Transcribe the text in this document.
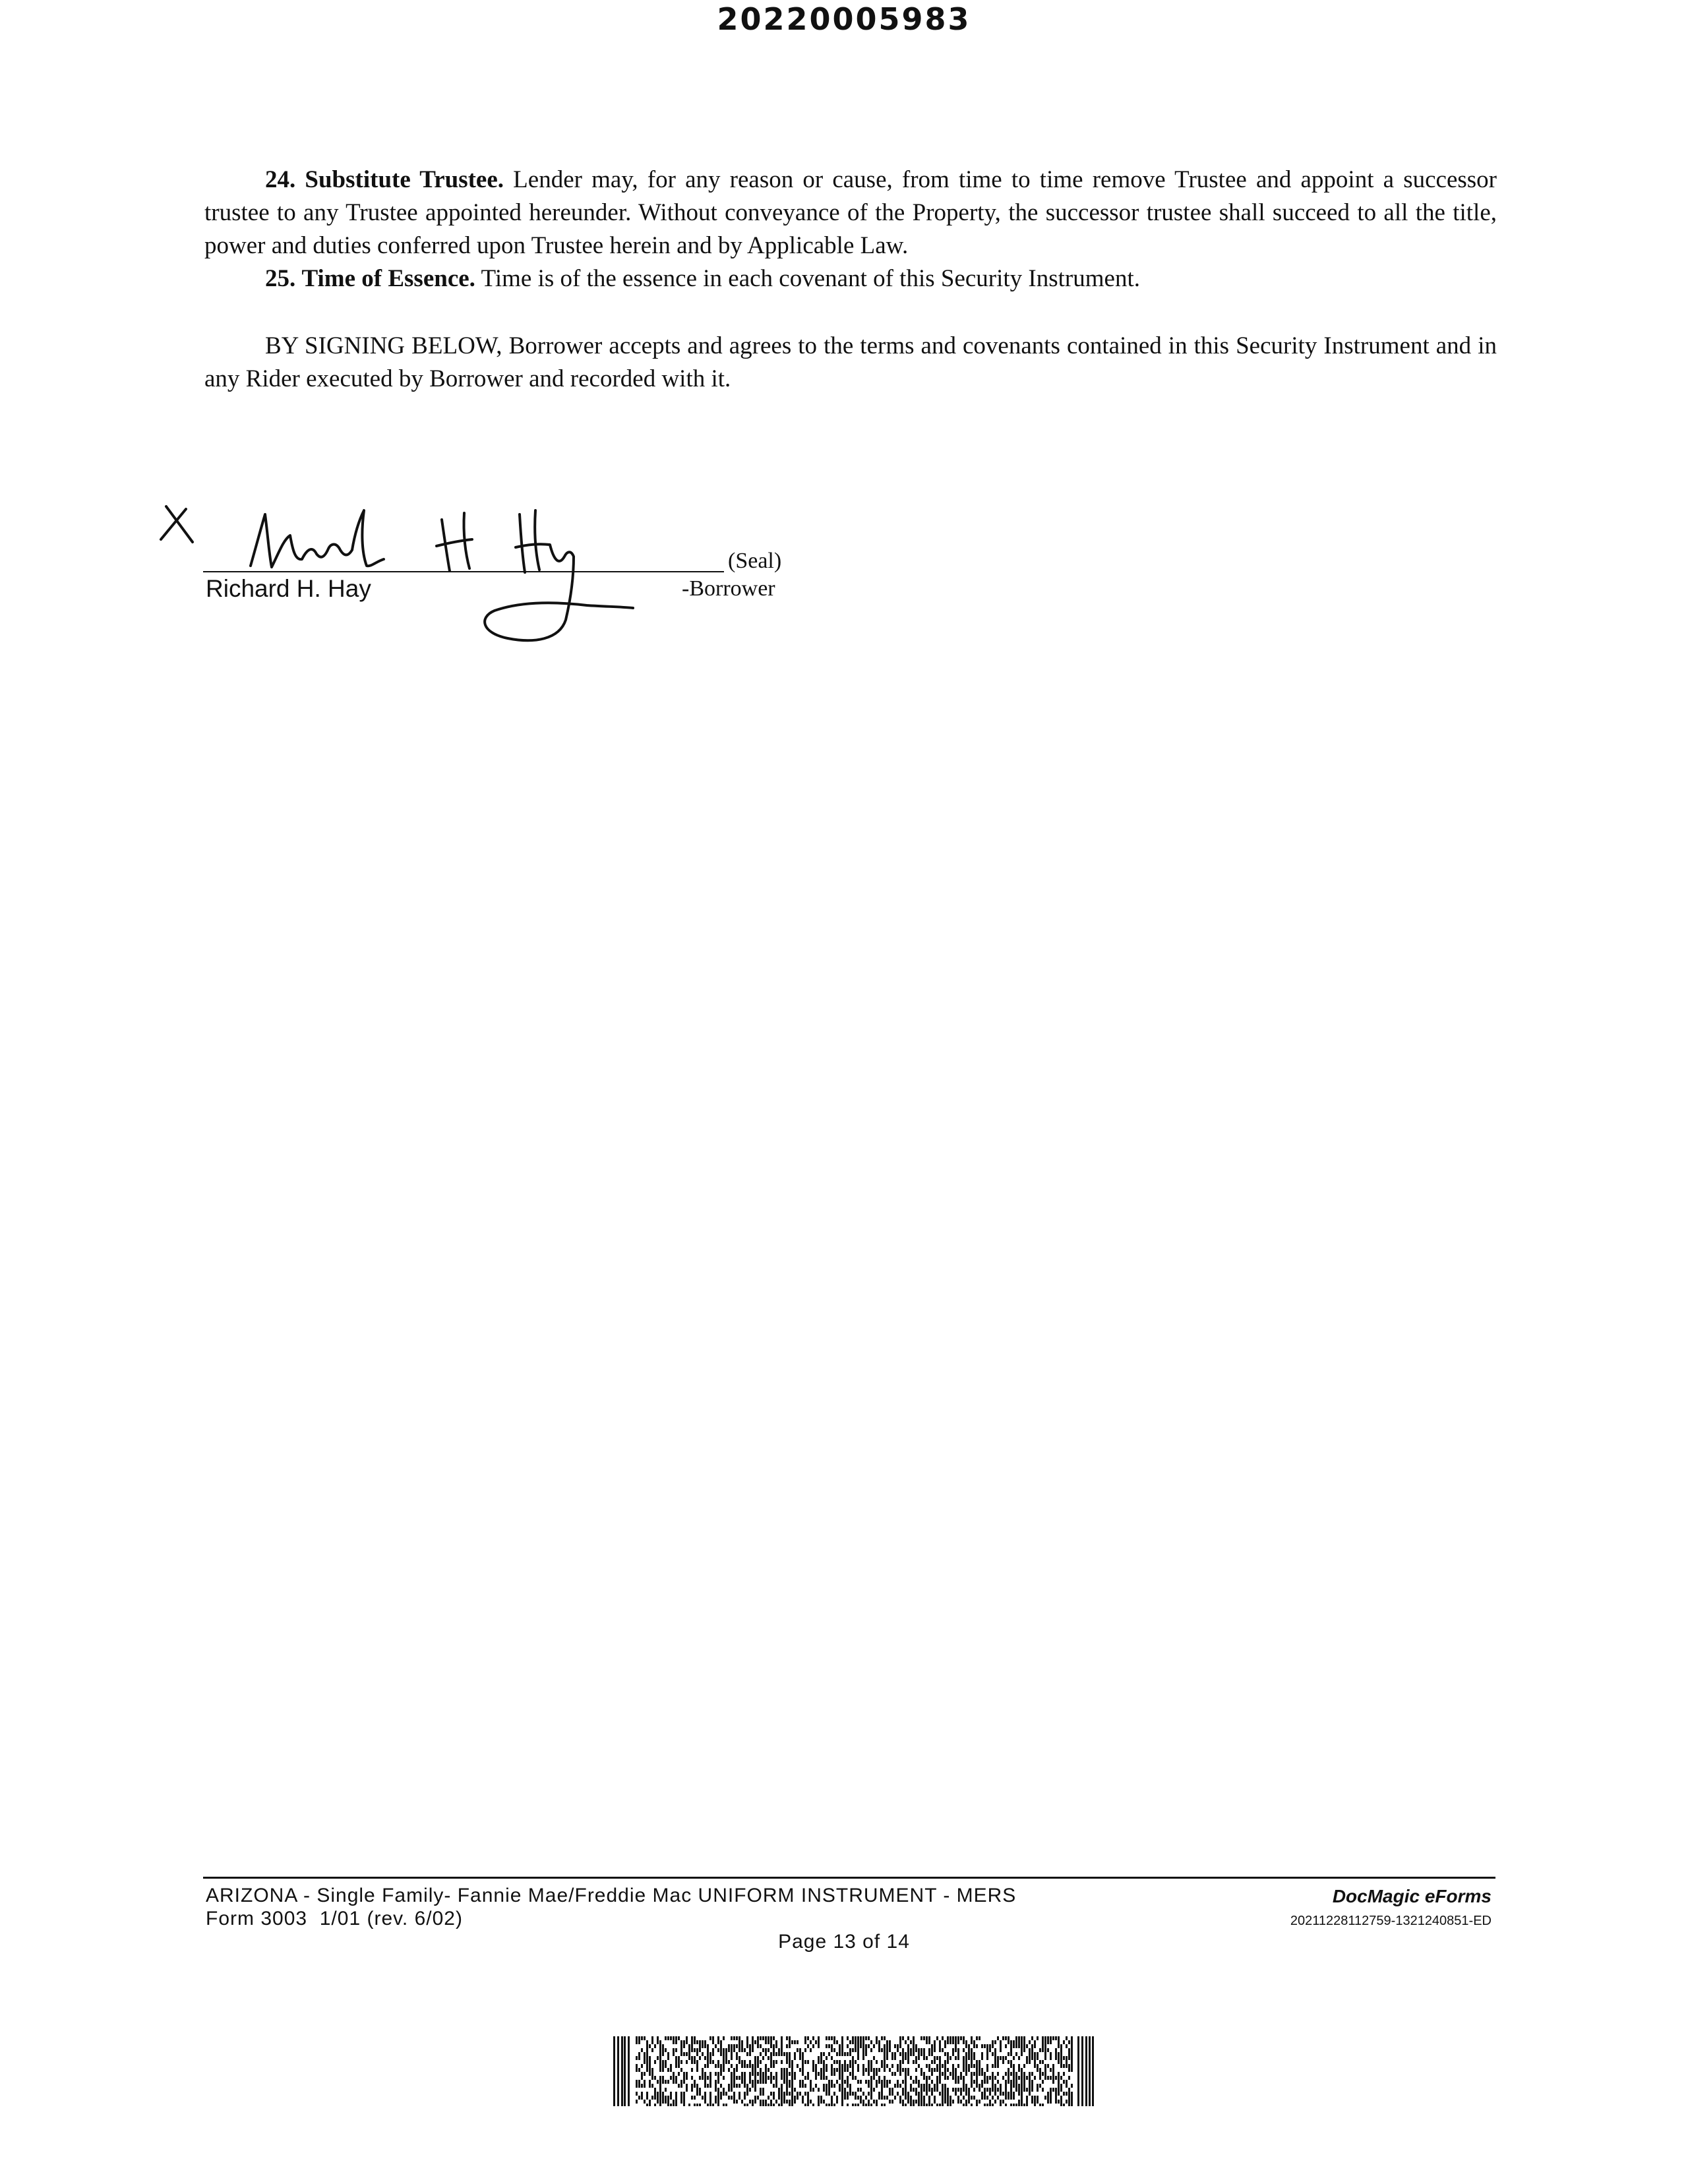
20220005983
24. Substitute Trustee. Lender may, for any reason or cause, from time to time remove Trustee and appoint a successor trustee to any Trustee appointed hereunder. Without conveyance of the Property, the successor trustee shall succeed to all the title, power and duties conferred upon Trustee herein and by Applicable Law.
25. Time of Essence. Time is of the essence in each covenant of this Security Instrument.
BY SIGNING BELOW, Borrower accepts and agrees to the terms and covenants contained in this Security Instrument and in any Rider executed by Borrower and recorded with it.
(Seal)
Richard H. Hay	-Borrower
ARIZONA - Single Family- Fannie Mae/Freddie Mac UNIFORM INSTRUMENT - MERS
Form 3003  1/01 (rev. 6/02)
Page 13 of 14
DocMagic eForms
20211228112759-1321240851-ED
